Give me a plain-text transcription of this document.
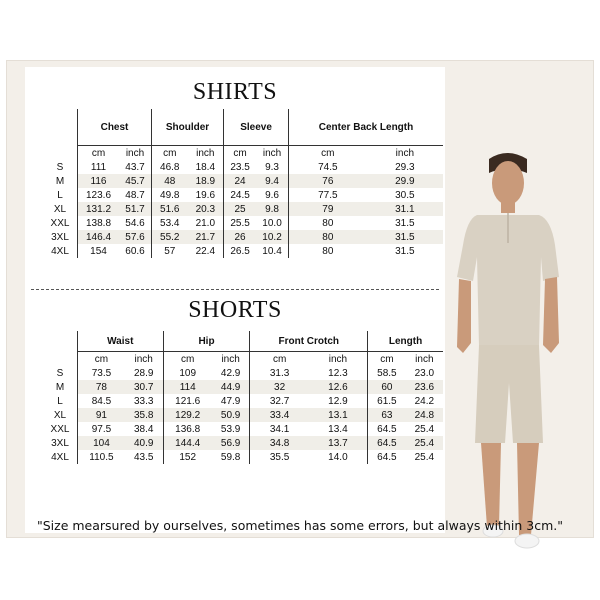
SHIRTS
	Chest		Shoulder		Sleeve		Center Back Length	
	cm	inch	cm	inch	cm	inch	cm	inch
S	111	43.7	46.8	18.4	23.5	9.3	74.5	29.3
M	116	45.7	48	18.9	24	9.4	76	29.9
L	123.6	48.7	49.8	19.6	24.5	9.6	77.5	30.5
XL	131.2	51.7	51.6	20.3	25	9.8	79	31.1
XXL	138.8	54.6	53.4	21.0	25.5	10.0	80	31.5
3XL	146.4	57.6	55.2	21.7	26	10.2	80	31.5
4XL	154	60.6	57	22.4	26.5	10.4	80	31.5
SHORTS
	Waist		Hip		Front Crotch		Length	
	cm	inch	cm	inch	cm	inch	cm	inch
S	73.5	28.9	109	42.9	31.3	12.3	58.5	23.0
M	78	30.7	114	44.9	32	12.6	60	23.6
L	84.5	33.3	121.6	47.9	32.7	12.9	61.5	24.2
XL	91	35.8	129.2	50.9	33.4	13.1	63	24.8
XXL	97.5	38.4	136.8	53.9	34.1	13.4	64.5	25.4
3XL	104	40.9	144.4	56.9	34.8	13.7	64.5	25.4
4XL	110.5	43.5	152	59.8	35.5	14.0	64.5	25.4
"Size mearsured by ourselves, sometimes has some errors, but always within 3cm."
